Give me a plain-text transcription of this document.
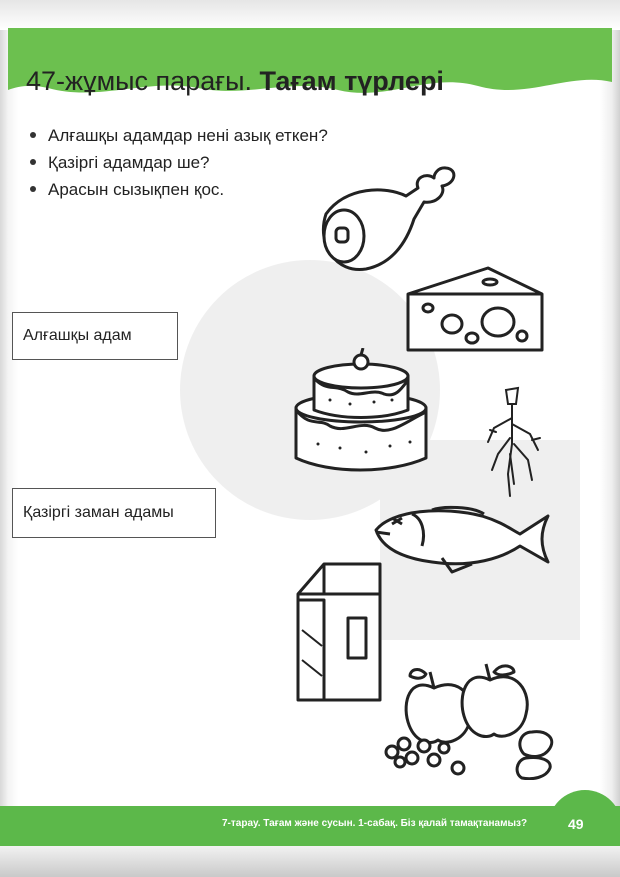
47-жұмыс парағы. Тағам түрлері
Алғашқы адамдар нені азық еткен?
Қазіргі адамдар ше?
Арасын сызықпен қос.
Алғашқы адам
Қазіргі заман адамы
7-тарау. Тағам және сусын. 1-сабақ. Біз қалай тамақтанамыз?	49
